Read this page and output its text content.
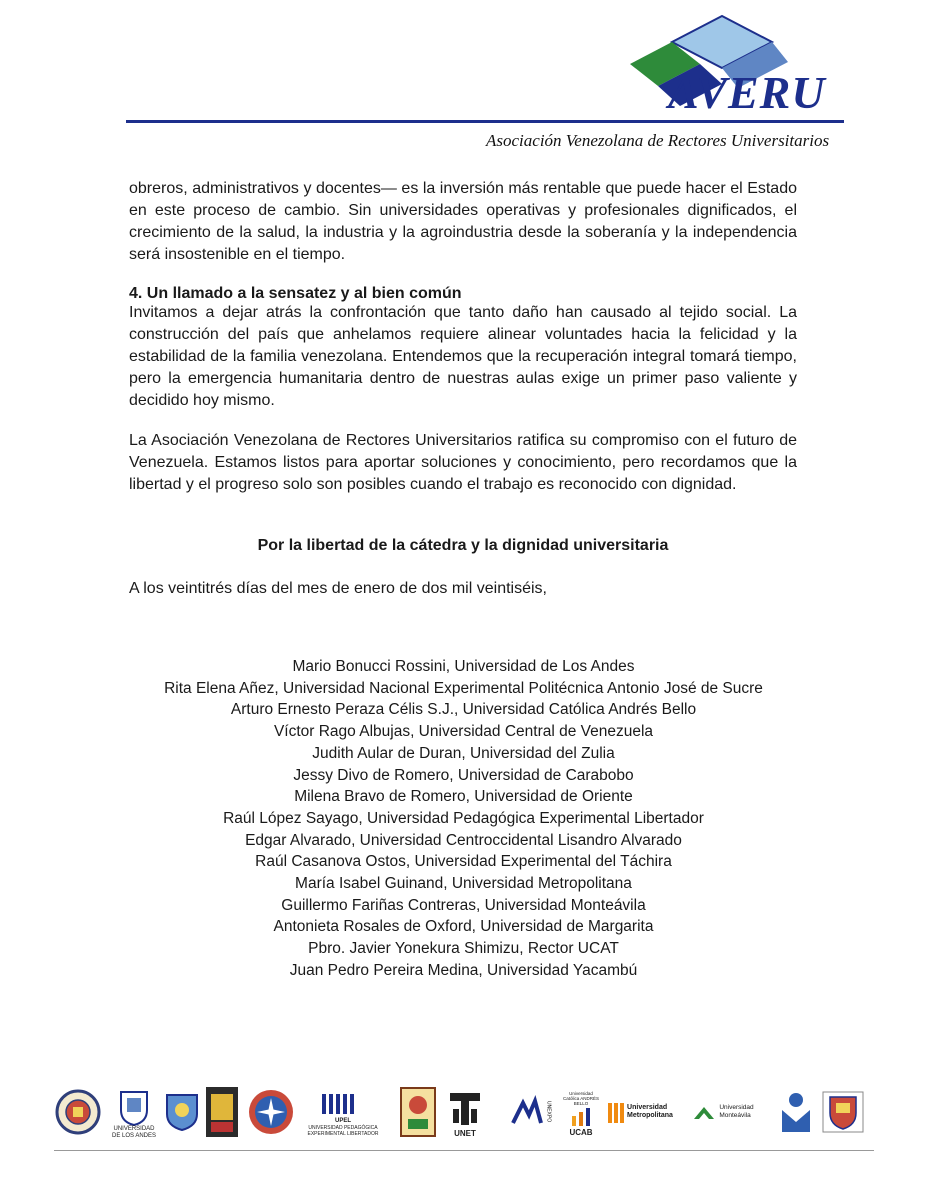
AVERU
Asociación Venezolana de Rectores Universitarios

obreros, administrativos y docentes— es la inversión más rentable que puede hacer el Estado en este proceso de cambio. Sin universidades operativas y profesionales dignificados, el crecimiento de la salud, la industria y la agroindustria desde la soberanía y la independencia será insostenible en el tiempo.

4. Un llamado a la sensatez y al bien común

Invitamos a dejar atrás la confrontación que tanto daño han causado al tejido social. La construcción del país que anhelamos requiere alinear voluntades hacia la felicidad y la estabilidad de la familia venezolana. Entendemos que la recuperación integral tomará tiempo, pero la emergencia humanitaria dentro de nuestras aulas exige un primer paso valiente y decidido hoy mismo.

La Asociación Venezolana de Rectores Universitarios ratifica su compromiso con el futuro de Venezuela. Estamos listos para aportar soluciones y conocimiento, pero recordamos que la libertad y el progreso solo son posibles cuando el trabajo es reconocido con dignidad.

Por la libertad de la cátedra y la dignidad universitaria

A los veintitrés días del mes de enero de dos mil veintiséis,

Mario Bonucci Rossini, Universidad de Los Andes
Rita Elena Añez, Universidad Nacional Experimental Politécnica Antonio José de Sucre
Arturo Ernesto Peraza Célis S.J., Universidad Católica Andrés Bello
Víctor Rago Albujas, Universidad Central de Venezuela
Judith Aular de Duran, Universidad del Zulia
Jessy Divo de Romero, Universidad de Carabobo
Milena Bravo de Romero, Universidad de Oriente
Raúl López Sayago, Universidad Pedagógica Experimental Libertador
Edgar Alvarado, Universidad Centroccidental Lisandro Alvarado
Raúl Casanova Ostos, Universidad Experimental del Táchira
María Isabel Guinand, Universidad Metropolitana
Guillermo Fariñas Contreras, Universidad Monteávila
Antonieta Rosales de Oxford, Universidad de Margarita
Pbro. Javier Yonekura Shimizu, Rector UCAT
Juan Pedro Pereira Medina, Universidad Yacambú
UNIVERSIDAD DE LOS ANDES
UPEL
UNIVERSIDAD PEDAGÓGICA EXPERIMENTAL LIBERTADOR	UNET
UNEXPO
Universidad Católica ANDRÉS BELLO
UCAB
Universidad
Metropolitana
Universidad
Monteávila
